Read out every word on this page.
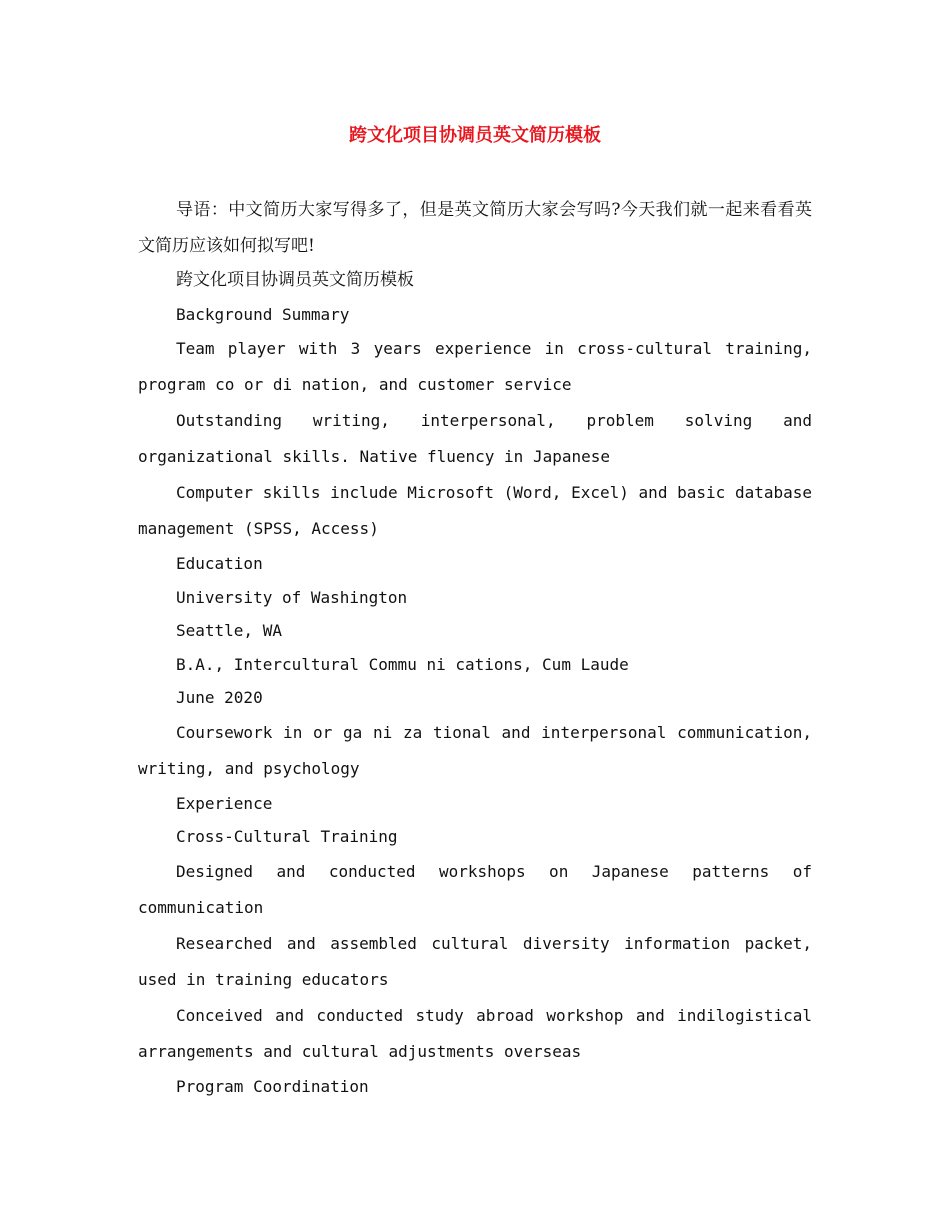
跨文化项目协调员英文简历模板

导语：中文简历大家写得多了，但是英文简历大家会写吗?今天我们就一起来看看英文简历应该如何拟写吧!

跨文化项目协调员英文简历模板

Background Summary

Team player with 3 years experience in cross-cultural training, program co or di nation, and customer service

Outstanding writing, interpersonal, problem solving and organizational skills. Native fluency in Japanese

Computer skills include Microsoft (Word, Excel) and basic database management (SPSS, Access)

Education

University of Washington

Seattle, WA

B.A., Intercultural Commu ni cations, Cum Laude

June 2020

Coursework in or ga ni za tional and interpersonal communication, writing, and psychology

Experience

Cross-Cultural Training

Designed and conducted workshops on Japanese patterns of communication

Researched and assembled cultural diversity information packet, used in training educators

Conceived and conducted study abroad workshop and indilogistical arrangements and cultural adjustments overseas

Program Coordination
